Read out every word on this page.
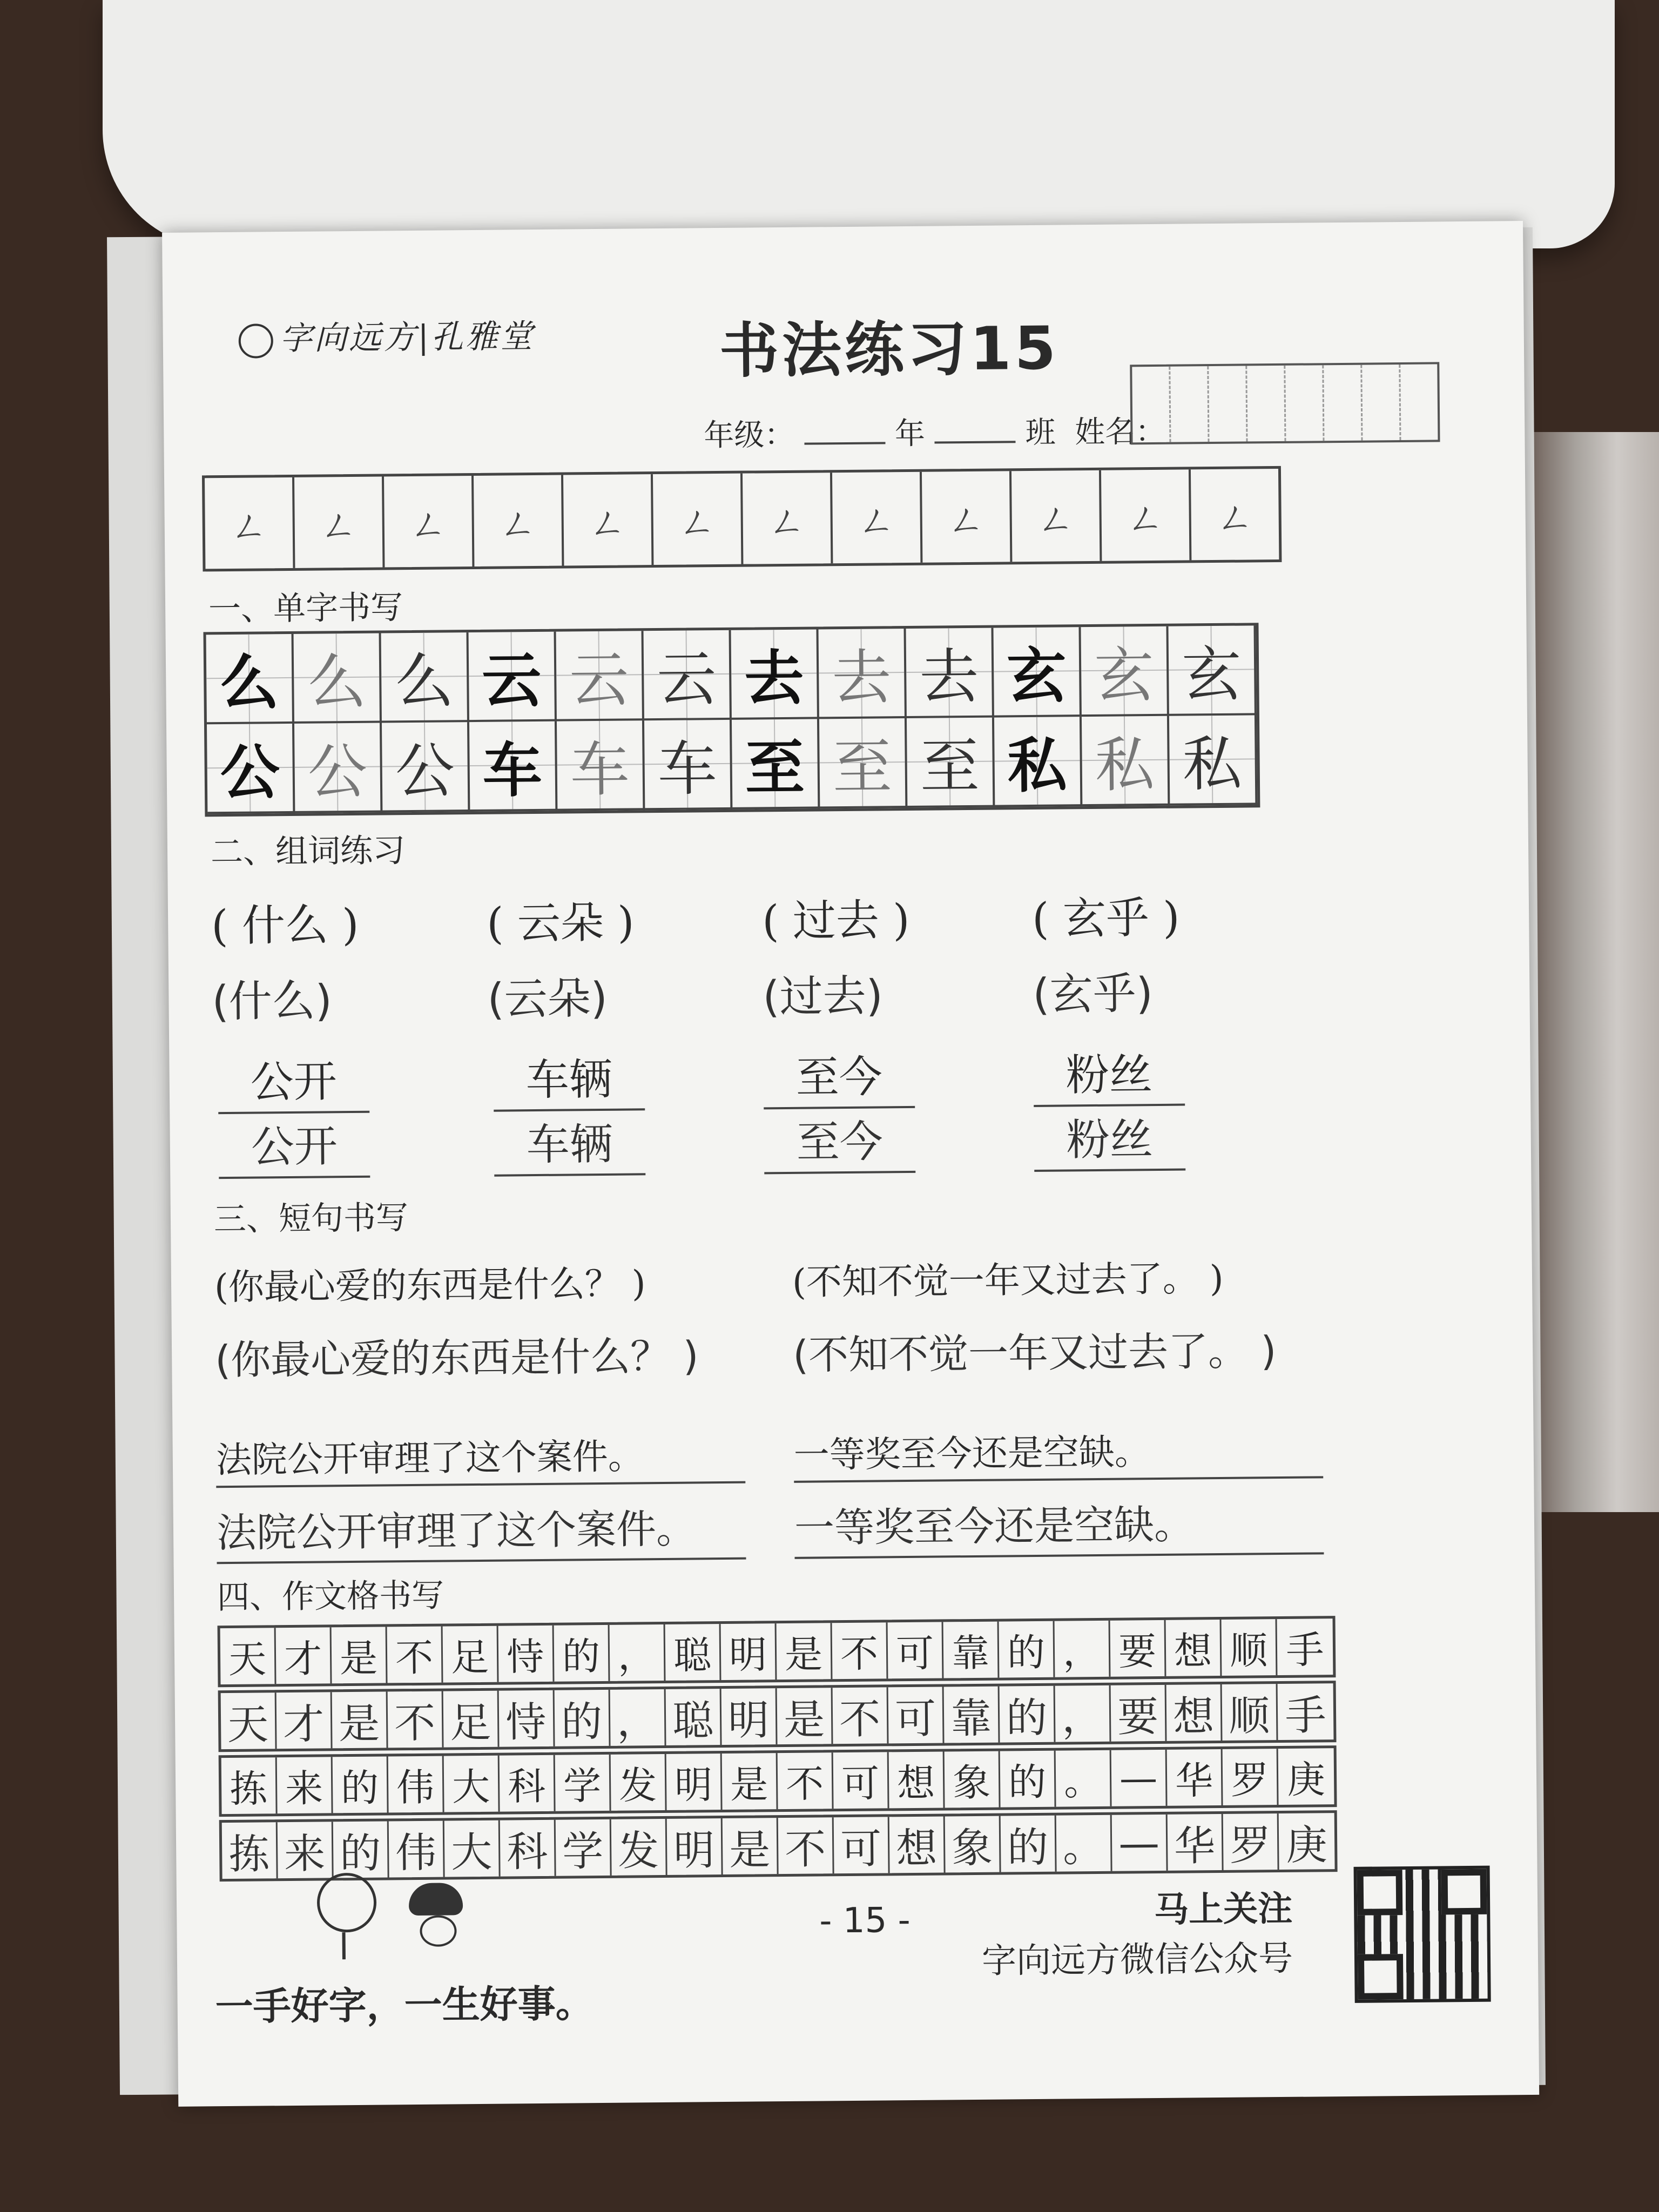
字向远方|孔雅堂	书法练习15
年级：	年	班 姓名：
ㄥ	ㄥ	ㄥ	ㄥ	ㄥ	ㄥ	ㄥ	ㄥ	ㄥ	ㄥ	ㄥ	ㄥ
一、单字书写
么 么 么 云 云 云 去 去 去 玄 玄 玄
公 公 公 车 车 车 至 至 至 私 私 私
二、组词练习
( 什么 )	( 云朵 )	( 过去 )	( 玄乎 )
(什么)	(云朵)	(过去)	(玄乎)
公开	车辆	至今	粉丝
公开	车辆	至今	粉丝
三、短句书写
(你最心爱的东西是什么？ )	(不知不觉一年又过去了。 )
(你最心爱的东西是什么？ ) (不知不觉一年又过去了。 )
法院公开审理了这个案件。	一等奖至今还是空缺。
法院公开审理了这个案件。	一等奖至今还是空缺。
四、作文格书写
天 才 是 不 足 恃 的 ， 聪 明 是 不 可 靠 的 ， 要 想 顺 手
天 才 是 不 足 恃 的 ， 聪 明 是 不 可 靠 的 ， 要 想 顺 手
拣 来 的 伟 大 科 学 发 明 是 不 可 想 象 的 。 — 华 罗 庚
拣 来 的 伟 大 科 学 发 明 是 不 可 想 象 的 。 — 华 罗 庚
- 15 -	马上关注
字向远方微信公众号
一手好字，一生好事。
